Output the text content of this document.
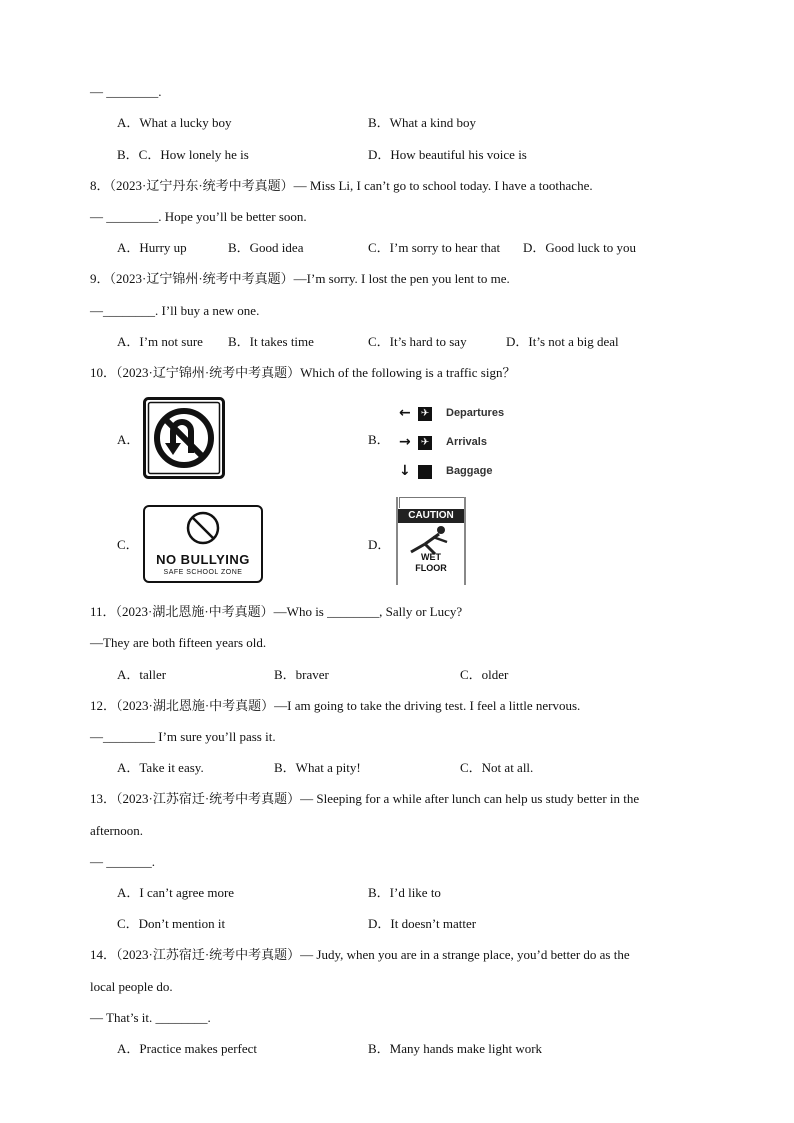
— ________.
A．What a lucky boy	B．What a kind boy
B．C．How lonely he is	D．How beautiful his voice is
8．（2023·辽宁丹东·统考中考真题）— Miss Li, I can’t go to school today. I have a toothache.
— ________. Hope you’ll be better soon.
A．Hurry up	B．Good idea	C．I’m sorry to hear that D．Good luck to you
9．（2023·辽宁锦州·统考中考真题）—I’m sorry. I lost the pen you lent to me.
—________. I’ll buy a new one.
A．I’m not sure B．It takes time	C．It’s hard to say	D．It’s not a big deal
10．（2023·辽宁锦州·统考中考真题）Which of the following is a traffic sign？
A．	B．
← ✈ Departures
→ ✈ Arrivals
↓	Baggage
C．
NO BULLYING
SAFE SCHOOL ZONE
D．
CAUTION
WET
FLOOR
11．（2023·湖北恩施·中考真题）—Who is ________, Sally or Lucy?
—They are both fifteen years old.
A．taller	B．braver	C．older
12．（2023·湖北恩施·中考真题）—I am going to take the driving test. I feel a little nervous.
—________ I’m sure you’ll pass it.
A．Take it easy.	B．What a pity!	C．Not at all.
13．（2023·江苏宿迁·统考中考真题）— Sleeping for a while after lunch can help us study better in the
afternoon.
— _______.
A．I can’t agree more	B．I’d like to
C．Don’t mention it	D．It doesn’t matter
14．（2023·江苏宿迁·统考中考真题）— Judy, when you are in a strange place, you’d better do as the
local people do.
— That’s it. ________.
A．Practice makes perfect	B．Many hands make light work
